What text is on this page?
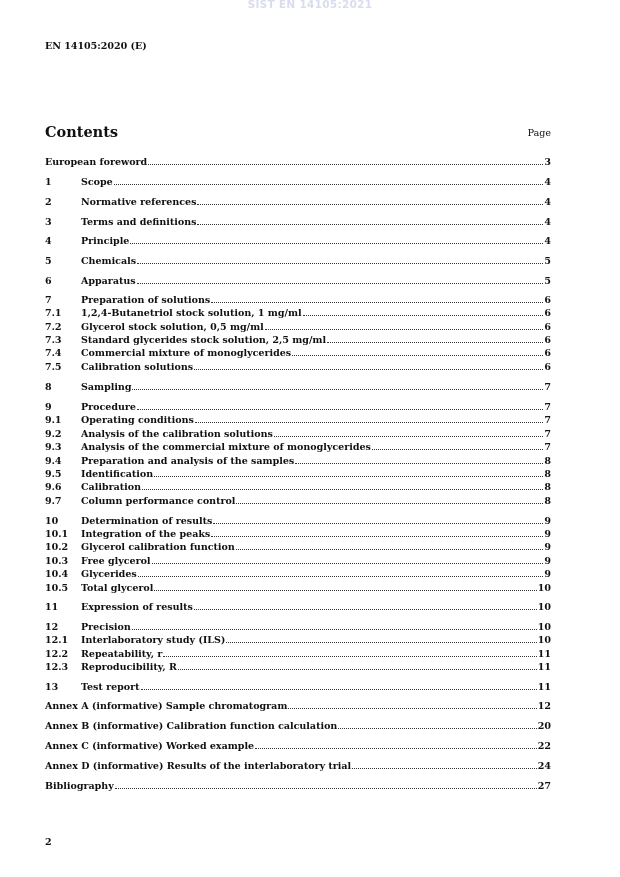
SIST EN 14105:2021
EN 14105:2020 (E)
Contents	Page
European foreword	3
1	Scope	4
2	Normative references	4
3	Terms and definitions	4
4	Principle	4
5	Chemicals	5
6	Apparatus	5
7	Preparation of solutions	6
7.1	1,2,4-Butanetriol stock solution, 1 mg/ml	6
7.2	Glycerol stock solution, 0,5 mg/ml	6
7.3	Standard glycerides stock solution, 2,5 mg/ml	6
7.4	Commercial mixture of monoglycerides	6
7.5	Calibration solutions	6
8	Sampling	7
9	Procedure	7
9.1	Operating conditions	7
9.2	Analysis of the calibration solutions	7
9.3	Analysis of the commercial mixture of monoglycerides	7
9.4	Preparation and analysis of the samples	8
9.5	Identification	8
9.6	Calibration	8
9.7	Column performance control	8
10	Determination of results	9
10.1	Integration of the peaks	9
10.2	Glycerol calibration function	9
10.3	Free glycerol	9
10.4	Glycerides	9
10.5	Total glycerol	10
11	Expression of results	10
12	Precision	10
12.1	Interlaboratory study (ILS)	10
12.2	Repeatability, r	11
12.3	Reproducibility, R	11
13	Test report	11
Annex A (informative) Sample chromatogram	12
Annex B (informative) Calibration function calculation	20
Annex C (informative) Worked example	22
Annex D (informative) Results of the interlaboratory trial	24
Bibliography	27
2
